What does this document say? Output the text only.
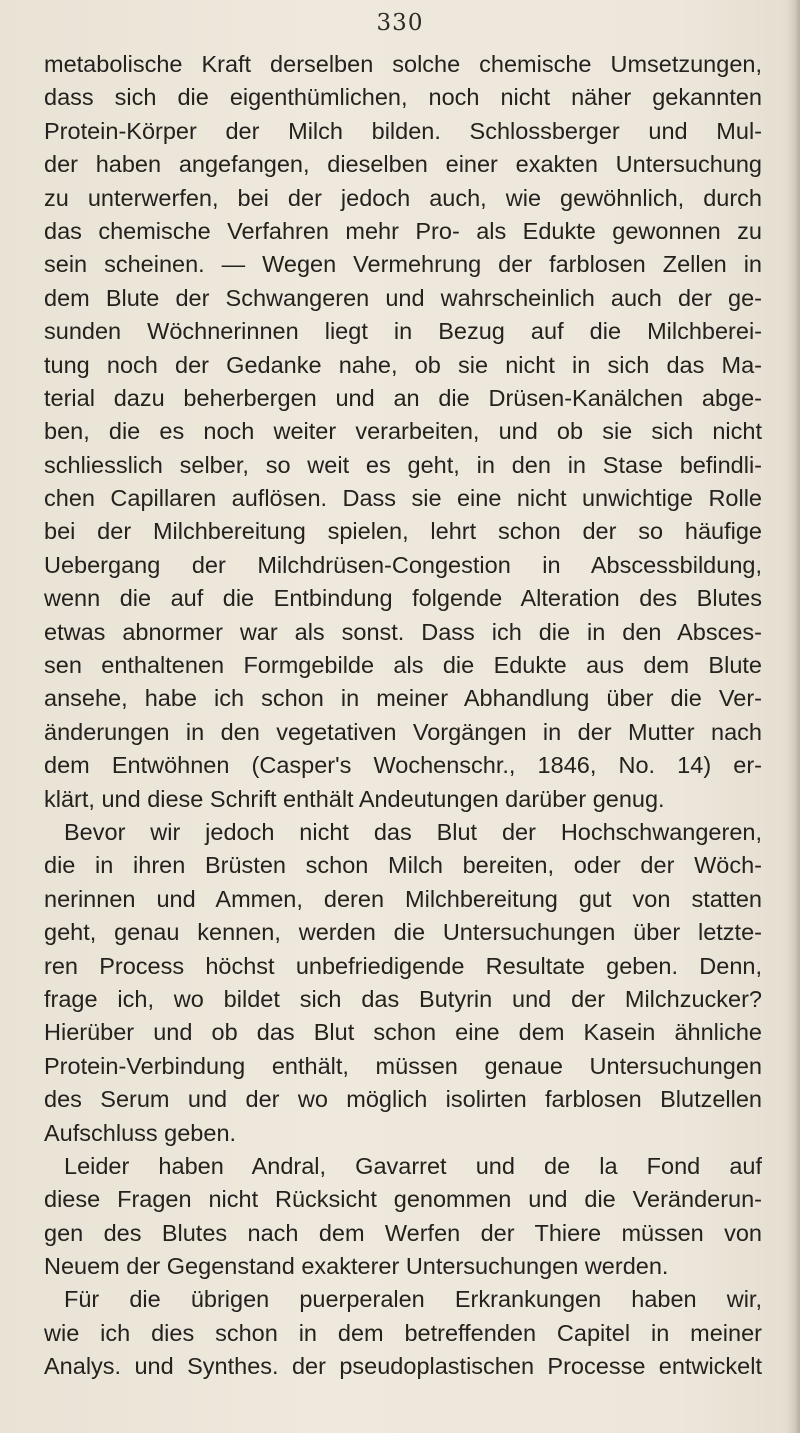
330
metabolische Kraft derselben solche chemische Umsetzungen,
dass sich die eigenthümlichen, noch nicht näher gekannten
Protein-Körper der Milch bilden. Schlossberger und Mul-
der haben angefangen, dieselben einer exakten Untersuchung
zu unterwerfen, bei der jedoch auch, wie gewöhnlich, durch
das chemische Verfahren mehr Pro- als Edukte gewonnen zu
sein scheinen. — Wegen Vermehrung der farblosen Zellen in
dem Blute der Schwangeren und wahrscheinlich auch der ge-
sunden Wöchnerinnen liegt in Bezug auf die Milchberei-
tung noch der Gedanke nahe, ob sie nicht in sich das Ma-
terial dazu beherbergen und an die Drüsen-Kanälchen abge-
ben, die es noch weiter verarbeiten, und ob sie sich nicht
schliesslich selber, so weit es geht, in den in Stase befindli-
chen Capillaren auflösen. Dass sie eine nicht unwichtige Rolle
bei der Milchbereitung spielen, lehrt schon der so häufige
Uebergang der Milchdrüsen-Congestion in Abscessbildung,
wenn die auf die Entbindung folgende Alteration des Blutes
etwas abnormer war als sonst. Dass ich die in den Absces-
sen enthaltenen Formgebilde als die Edukte aus dem Blute
ansehe, habe ich schon in meiner Abhandlung über die Ver-
änderungen in den vegetativen Vorgängen in der Mutter nach
dem Entwöhnen (Casper's Wochenschr., 1846, No. 14) er-
klärt, und diese Schrift enthält Andeutungen darüber genug.
Bevor wir jedoch nicht das Blut der Hochschwangeren,
die in ihren Brüsten schon Milch bereiten, oder der Wöch-
nerinnen und Ammen, deren Milchbereitung gut von statten
geht, genau kennen, werden die Untersuchungen über letzte-
ren Process höchst unbefriedigende Resultate geben. Denn,
frage ich, wo bildet sich das Butyrin und der Milchzucker?
Hierüber und ob das Blut schon eine dem Kasein ähnliche
Protein-Verbindung enthält, müssen genaue Untersuchungen
des Serum und der wo möglich isolirten farblosen Blutzellen
Aufschluss geben.
Leider haben Andral, Gavarret und de la Fond auf
diese Fragen nicht Rücksicht genommen und die Veränderun-
gen des Blutes nach dem Werfen der Thiere müssen von
Neuem der Gegenstand exakterer Untersuchungen werden.
Für die übrigen puerperalen Erkrankungen haben wir,
wie ich dies schon in dem betreffenden Capitel in meiner
Analys. und Synthes. der pseudoplastischen Processe entwickelt
